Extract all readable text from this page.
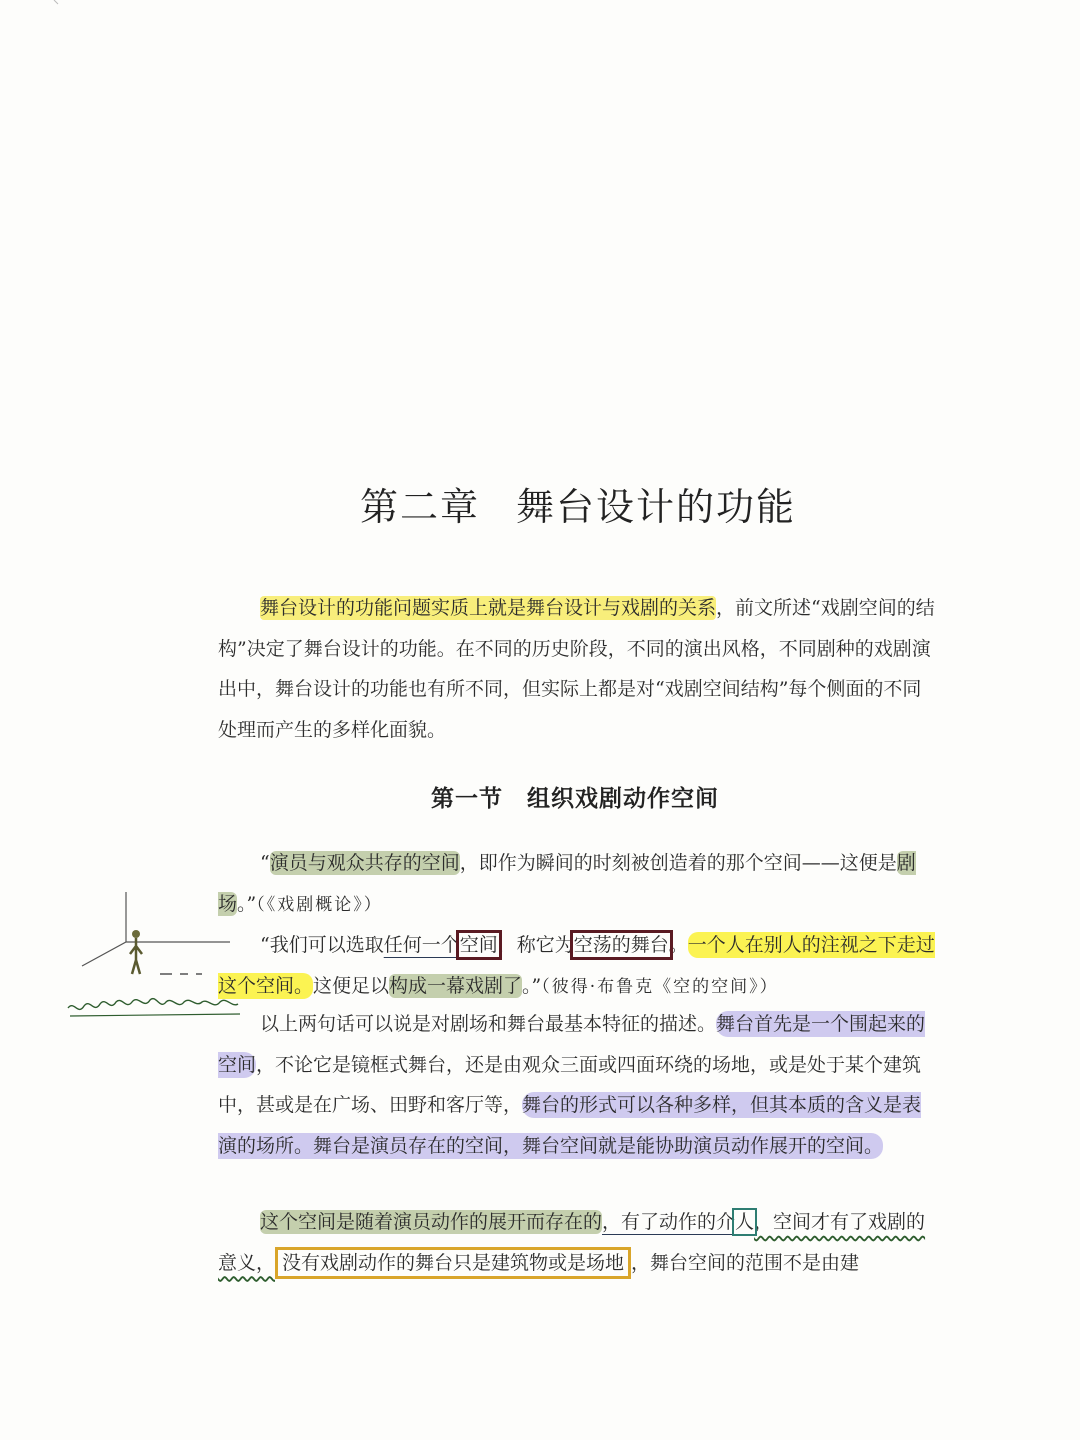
第二章 舞台设计的功能
舞台设计的功能问题实质上就是舞台设计与戏剧的关系，前文所述“戏剧空间的结构”决定了舞台设计的功能。在不同的历史阶段，不同的演出风格，不同剧种的戏剧演出中，舞台设计的功能也有所不同，但实际上都是对“戏剧空间结构”每个侧面的不同处理而产生的多样化面貌。
第一节 组织戏剧动作空间
“演员与观众共存的空间，即作为瞬间的时刻被创造着的那个空间——这便是剧场。”（《戏剧概论》）
“我们可以选取任何一个空间，称它为空荡的舞台。一个人在别人的注视之下走过这个空间。这便足以构成一幕戏剧了。”（彼得·布鲁克《空的空间》）
以上两句话可以说是对剧场和舞台最基本特征的描述。舞台首先是一个围起来的空间，不论它是镜框式舞台，还是由观众三面或四面环绕的场地，或是处于某个建筑中，甚或是在广场、田野和客厅等，舞台的形式可以各种多样，但其本质的含义是表演的场所。舞台是演员存在的空间，舞台空间就是能协助演员动作展开的空间。
这个空间是随着演员动作的展开而存在的，有了动作的介人，空间才有了戏剧的意义， 没有戏剧动作的舞台只是建筑物或是场地 ，舞台空间的范围不是由建
